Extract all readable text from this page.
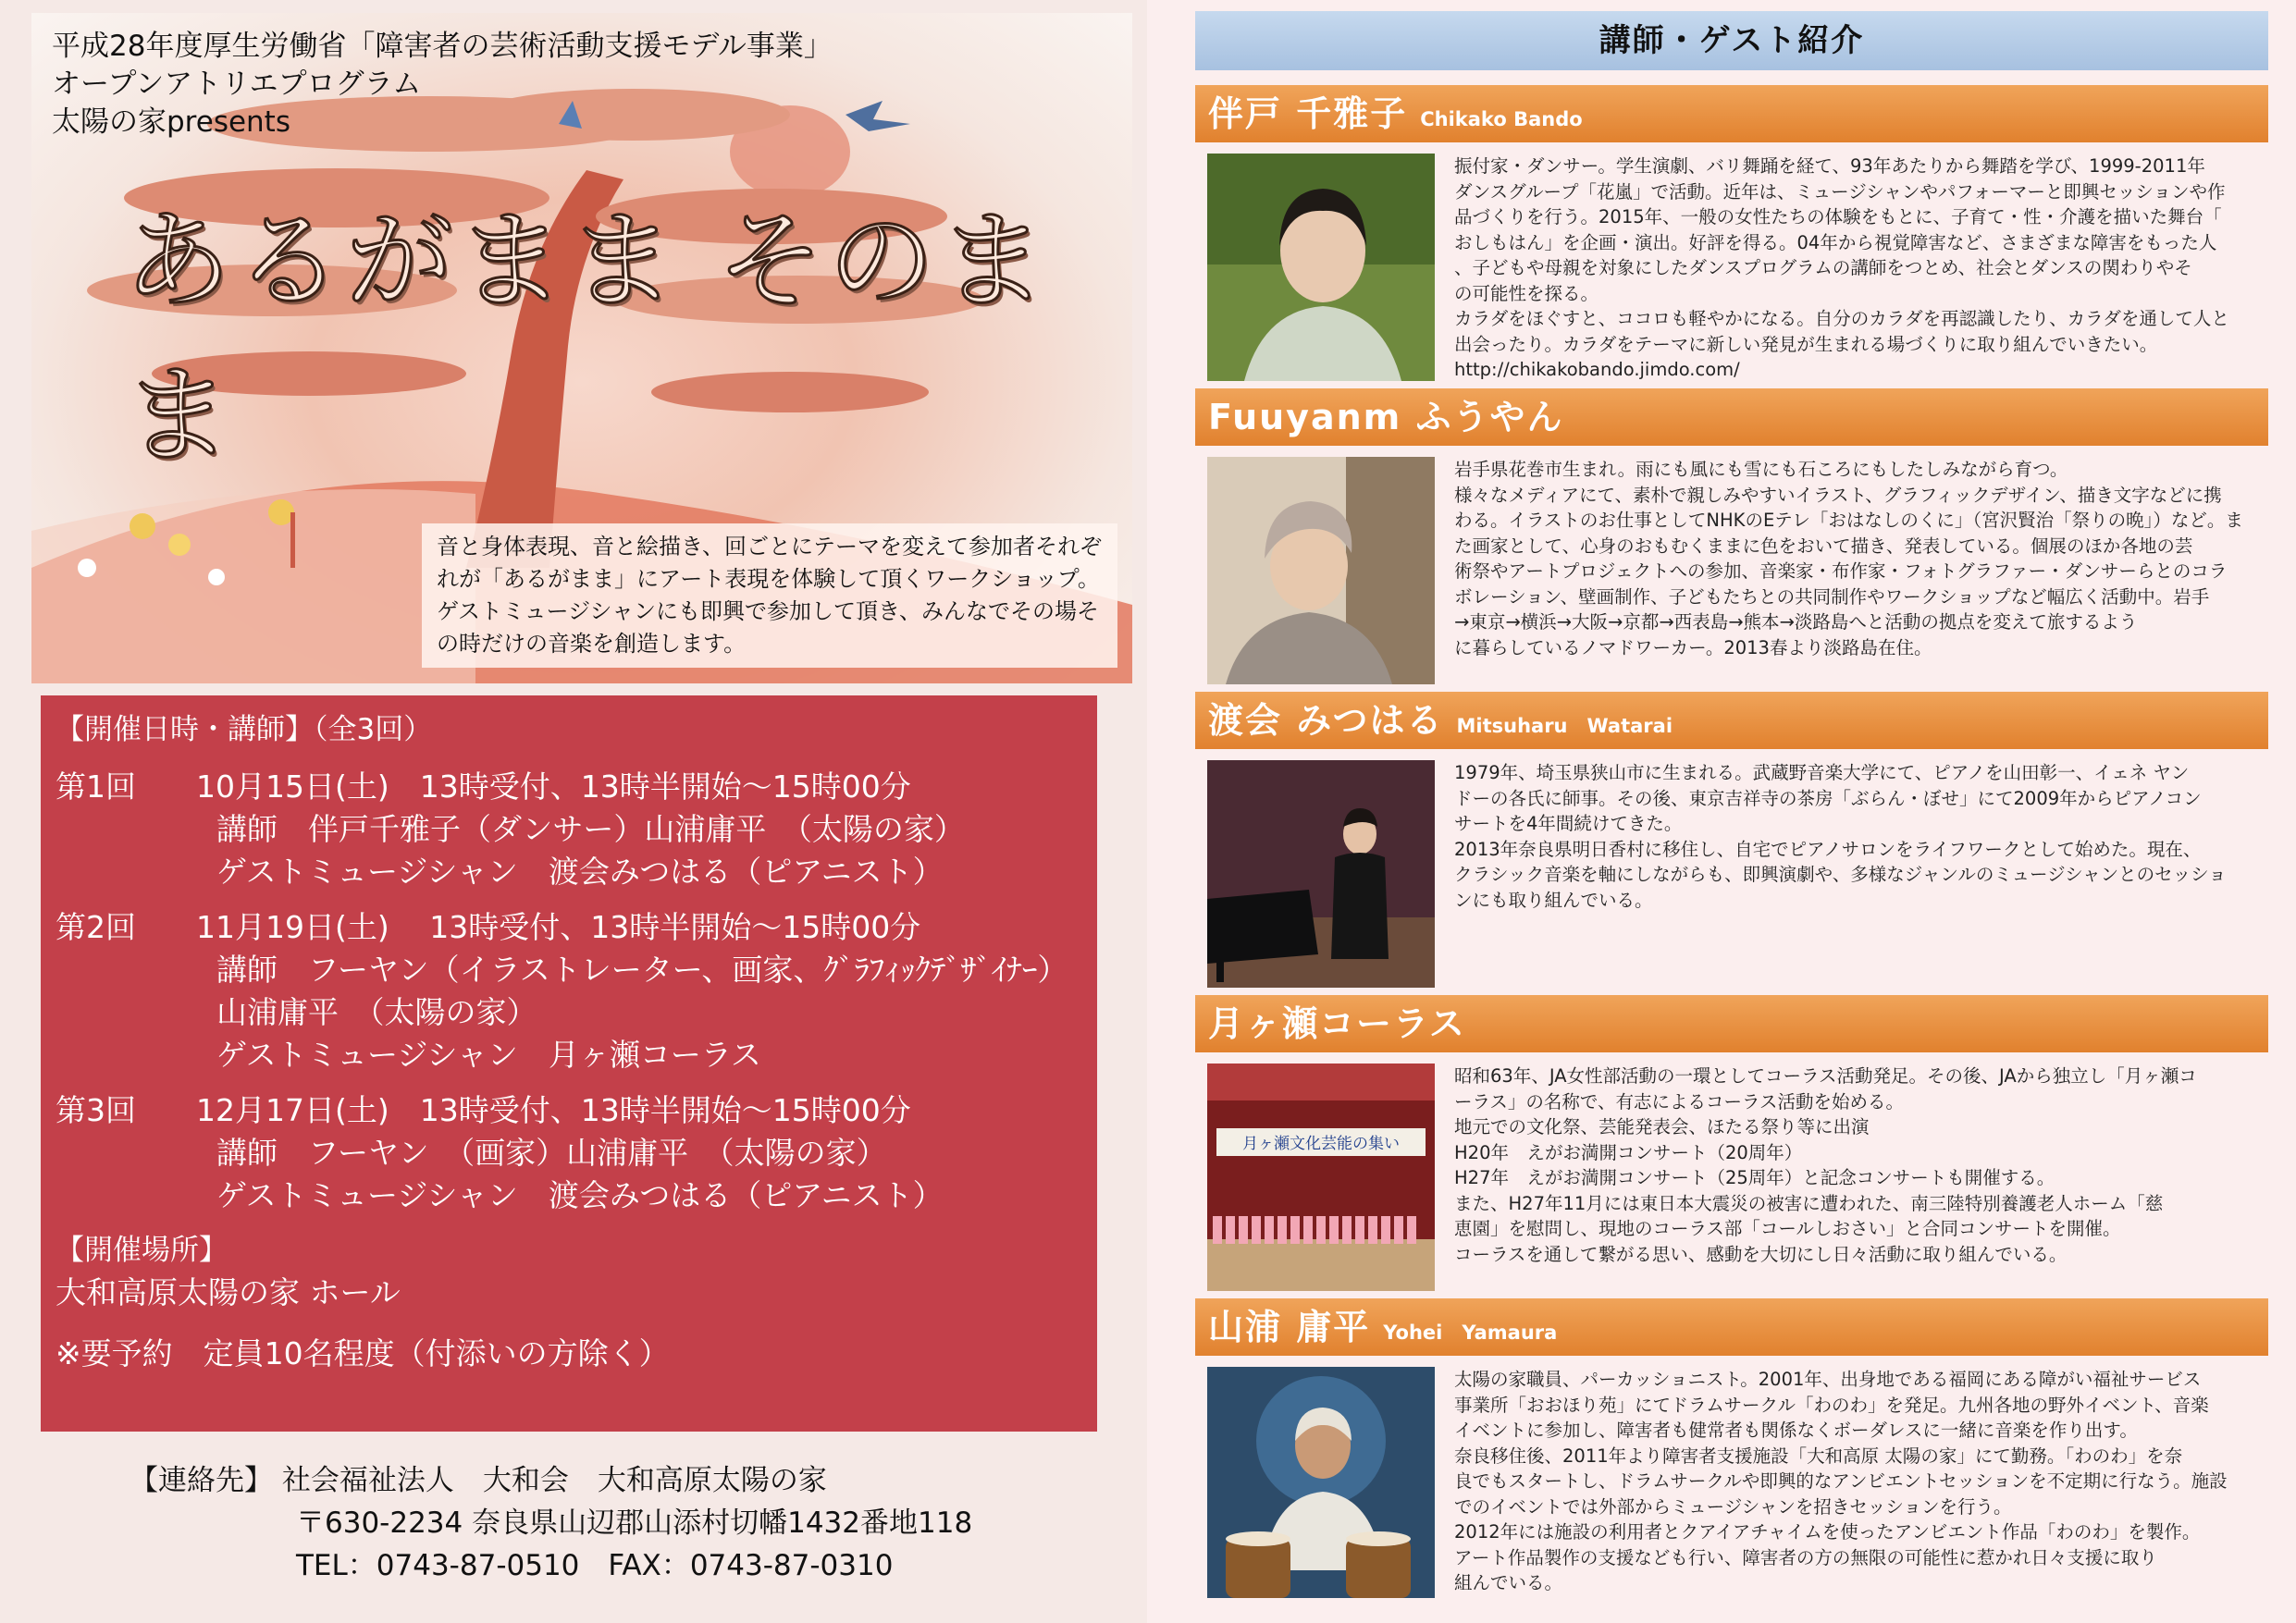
平成28年度厚生労働省「障害者の芸術活動支援モデル事業」
オープンアトリエプログラム
太陽の家presents
あるがまま そのまま
音と身体表現、音と絵描き、回ごとにテーマを変えて参加者それぞれが「あるがまま」にアート表現を体験して頂くワークショップ。ゲストミュージシャンにも即興で参加して頂き、みんなでその場その時だけの音楽を創造します。
【開催日時・講師】（全3回）
第1回	10月15日(土)　13時受付、13時半開始～15時00分
講師　伴戸千雅子（ダンサー）山浦庸平　（太陽の家）
ゲストミュージシャン　渡会みつはる（ピアニスト）
第2回	11月19日(土)　 13時受付、13時半開始～15時00分
講師　フーヤン（イラストレーター、画家、ｸﾞﾗﾌｨｯｸﾃﾞｻﾞｲﾅｰ）
山浦庸平　（太陽の家）
ゲストミュージシャン　月ヶ瀬コーラス
第3回	12月17日(土)　13時受付、13時半開始～15時00分
講師　フーヤン　（画家）山浦庸平　（太陽の家）
ゲストミュージシャン　渡会みつはる（ピアニスト）
【開催場所】
大和高原太陽の家 ホール
※要予約　定員10名程度（付添いの方除く）
【連絡先】 社会福祉法人　大和会　大和高原太陽の家
〒630-2234 奈良県山辺郡山添村切幡1432番地118
TEL：0743-87-0510　FAX：0743-87-0310
講師・ゲスト紹介
伴戸 千雅子 Chikako Bando
振付家・ダンサー。学生演劇、バリ舞踊を経て、93年あたりから舞踏を学び、1999-2011年
ダンスグループ「花嵐」で活動。近年は、ミュージシャンやパフォーマーと即興セッションや作
品づくりを行う。2015年、一般の女性たちの体験をもとに、子育て・性・介護を描いた舞台「
おしもはん」を企画・演出。好評を得る。04年から視覚障害など、さまざまな障害をもった人
、子どもや母親を対象にしたダンスプログラムの講師をつとめ、社会とダンスの関わりやそ
の可能性を探る。
カラダをほぐすと、ココロも軽やかになる。自分のカラダを再認識したり、カラダを通して人と
出会ったり。カラダをテーマに新しい発見が生まれる場づくりに取り組んでいきたい。
http://chikakobando.jimdo.com/
Fuuyanm ふうやん
岩手県花巻市生まれ。雨にも風にも雪にも石ころにもしたしみながら育つ。
様々なメディアにて、素朴で親しみやすいイラスト、グラフィックデザイン、描き文字などに携
わる。イラストのお仕事としてNHKのEテレ「おはなしのくに」（宮沢賢治「祭りの晩」）など。ま
た画家として、心身のおもむくままに色をおいて描き、発表している。個展のほか各地の芸
術祭やアートプロジェクトへの参加、音楽家・布作家・フォトグラファー・ダンサーらとのコラ
ボレーション、壁画制作、子どもたちとの共同制作やワークショップなど幅広く活動中。岩手
→東京→横浜→大阪→京都→西表島→熊本→淡路島へと活動の拠点を変えて旅するよう
に暮らしているノマドワーカー。2013春より淡路島在住。
渡会 みつはる Mitsuharu　Watarai
1979年、埼玉県狭山市に生まれる。武蔵野音楽大学にて、ピアノを山田彰一、イェネ ヤン
ドーの各氏に師事。その後、東京吉祥寺の茶房「ぶらん・ぼせ」にて2009年からピアノコン
サートを4年間続けてきた。
2013年奈良県明日香村に移住し、自宅でピアノサロンをライフワークとして始めた。現在、
クラシック音楽を軸にしながらも、即興演劇や、多様なジャンルのミュージシャンとのセッショ
ンにも取り組んでいる。
月ヶ瀬コーラス
月ヶ瀬文化芸能の集い
昭和63年、JA女性部活動の一環としてコーラス活動発足。その後、JAから独立し「月ヶ瀬コ
ーラス」の名称で、有志によるコーラス活動を始める。
地元での文化祭、芸能発表会、ほたる祭り等に出演
H20年　えがお満開コンサート（20周年）
H27年　えがお満開コンサート（25周年）と記念コンサートも開催する。
また、H27年11月には東日本大震災の被害に遭われた、南三陸特別養護老人ホーム「慈
恵園」を慰問し、現地のコーラス部「コールしおさい」と合同コンサートを開催。
コーラスを通して繋がる思い、感動を大切にし日々活動に取り組んでいる。
山浦 庸平 Yohei　Yamaura
太陽の家職員、パーカッショニスト。2001年、出身地である福岡にある障がい福祉サービス
事業所「おおほり苑」にてドラムサークル「わのわ」を発足。九州各地の野外イベント、音楽
イベントに参加し、障害者も健常者も関係なくボーダレスに一緒に音楽を作り出す。
奈良移住後、2011年より障害者支援施設「大和高原 太陽の家」にて勤務。「わのわ」を奈
良でもスタートし、ドラムサークルや即興的なアンビエントセッションを不定期に行なう。施設
でのイベントでは外部からミュージシャンを招きセッションを行う。
2012年には施設の利用者とクアイアチャイムを使ったアンビエント作品「わのわ」を製作。
アート作品製作の支援なども行い、障害者の方の無限の可能性に惹かれ日々支援に取り
組んでいる。
